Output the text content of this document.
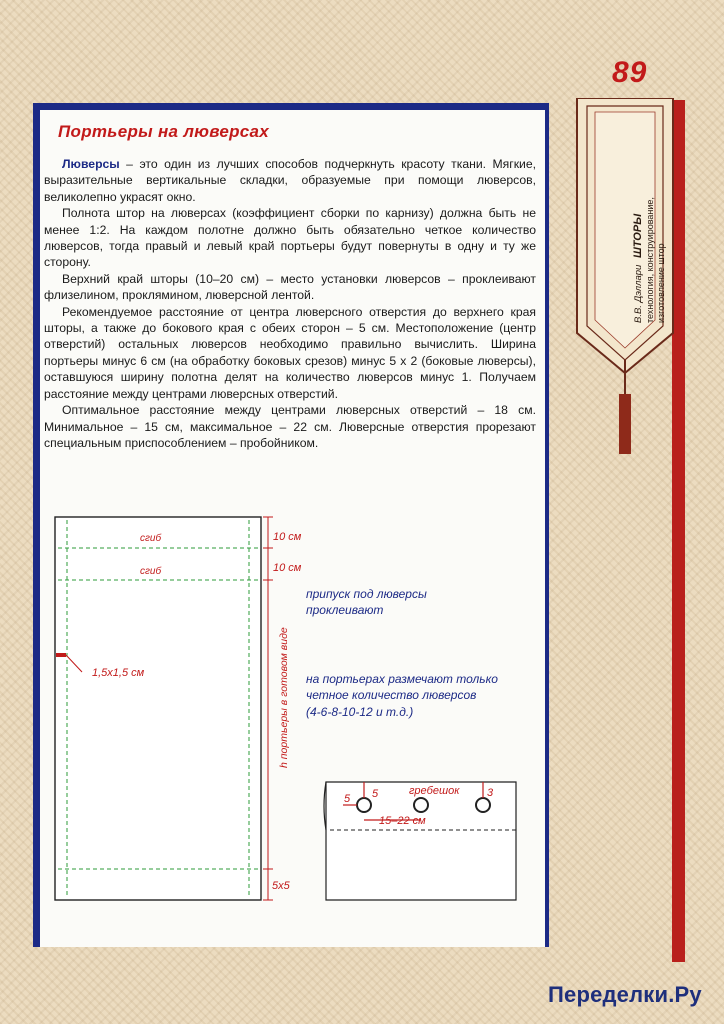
89
В.В. Дэллари ШТОРЫ технология, конструирование, изготовление штор
Портьеры на люверсах

Люверсы – это один из лучших способов подчеркнуть красоту ткани. Мягкие, выразительные вертикальные складки, образуемые при помощи люверсов, великолепно украсят окно.

Полнота штор на люверсах (коэффициент сборки по карнизу) должна быть не менее 1:2. На каждом полотне должно быть обязательно четкое количество люверсов, тогда правый и левый край портьеры будут повернуты в одну и ту же сторону.

Верхний край шторы (10–20 см) – место установки люверсов – проклеивают флизелином, проклямином, люверсной лентой.

Рекомендуемое расстояние от центра люверсного отверстия до верхнего края шторы, а также до бокового края с обеих сторон – 5 см. Местоположение (центр отверстий) остальных люверсов необходимо правильно вычислить. Ширина портьеры минус 6 см (на обработку боковых срезов) минус 5 х 2 (боковые люверсы), оставшуюся ширину полотна делят на количество люверсов минус 1. Получаем расстояние между центрами люверсных отверстий.

Оптимальное расстояние между центрами люверсных отверстий – 18 см. Минимальное – 15 см, максимальное – 22 см. Люверсные отверстия прорезают специальным приспособлением – пробойником.

сгиб
сгиб
10 см
10 см
5х5
h портьеры в готовом виде
1,5х1,5 см
припуск под люверсы
проклеивают
на портьерах размечают только
четное количество люверсов
(4-6-8-10-12 и т.д.)
5 5	гребешок	3
15–22 см
Переделки.Ру
